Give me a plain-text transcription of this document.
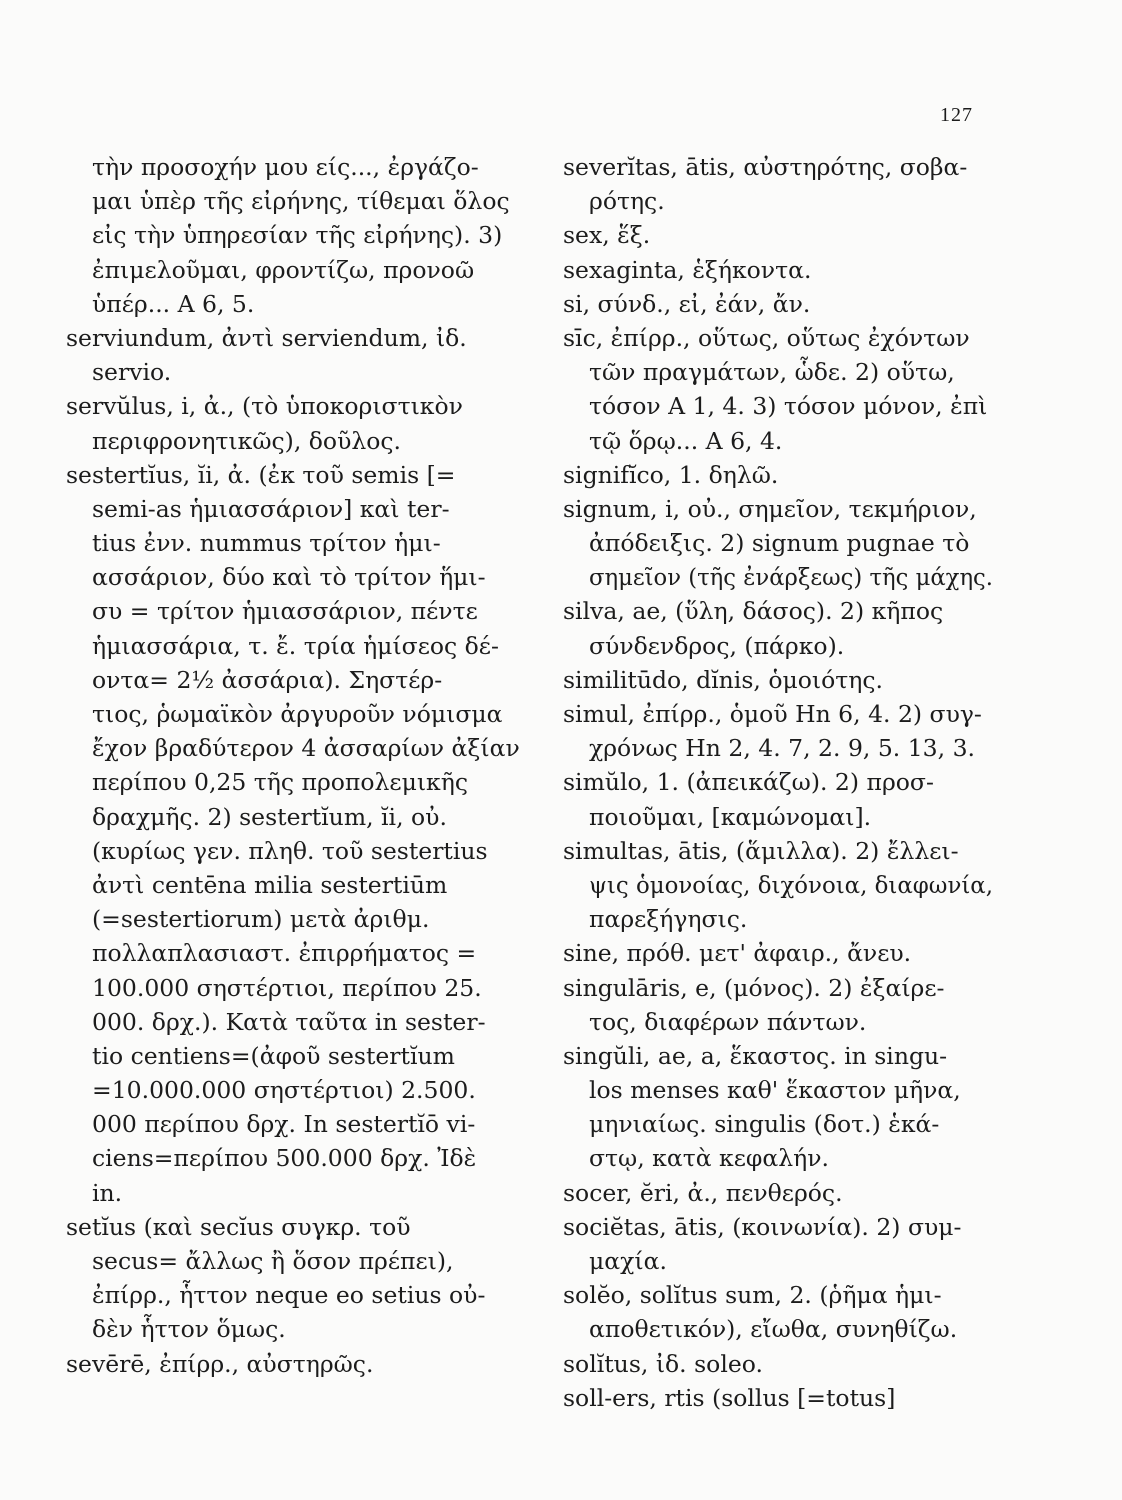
127
τὴν προσοχήν μου είς..., ἐργάζο-
μαι ὑπὲρ τῆς εἰρήνης, τίθεμαι ὅλος
εἰς τὴν ὑπηρεσίαν τῆς εἰρήνης). 3)
ἐπιμελοῦμαι, φροντίζω, προνοῶ
ὑπέρ... A 6, 5.
serviundum, ἀντὶ serviendum, ἰδ.
servio.
servŭlus, i, ἀ., (τὸ ὑποκοριστικὸν
περιφρονητικῶς), δοῦλος.
sestertĭus, ĭi, ἀ. (ἐκ τοῦ semis [=
semi-as ἡμιασσάριον] καὶ ter-
tius ἐνν. nummus τρίτον ἡμι-
ασσάριον, δύο καὶ τὸ τρίτον ἥμι-
συ = τρίτον ἡμιασσάριον, πέντε
ἡμιασσάρια, τ. ἔ. τρία ἡμίσεος δέ-
οντα= 2½ ἀσσάρια). Σηστέρ-
τιος, ῥωμαϊκὸν ἀργυροῦν νόμισμα
ἔχον βραδύτερον 4 ἀσσαρίων ἀξίαν
περίπου 0,25 τῆς προπολεμικῆς
δραχμῆς. 2) sestertĭum, ĭi, οὐ.
(κυρίως γεν. πληθ. τοῦ sestertius
ἀντὶ centēna milia sestertiūm
(=sestertiorum) μετὰ ἀριθμ.
πολλαπλασιαστ. ἐπιρρήματος =
100.000 σηστέρτιοι, περίπου 25.
000. δρχ.). Κατὰ ταῦτα in sester-
tio centiens=(ἀφοῦ sestertĭum
=10.000.000 σηστέρτιοι) 2.500.
000 περίπου δρχ. In sestertĭō vi-
ciens=περίπου 500.000 δρχ. Ἰδὲ
in.
setĭus (καὶ secĭus συγκρ. τοῦ
secus= ἄλλως ἢ ὅσον πρέπει),
ἐπίρρ., ἧττον neque eo setius οὐ-
δὲν ἧττον ὅμως.
sevērē, ἐπίρρ., αὐστηρῶς.
severĭtas, ātis, αὐστηρότης, σοβα-
ρότης.
sex, ἕξ.
sexaginta, ἑξήκοντα.
si, σύνδ., εἰ, ἐάν, ἄν.
sīc, ἐπίρρ., οὕτως, οὕτως ἐχόντων
τῶν πραγμάτων, ὧδε. 2) οὕτω,
τόσον A 1, 4. 3) τόσον μόνον, ἐπὶ
τῷ ὅρῳ... A 6, 4.
signifĭco, 1. δηλῶ.
signum, i, οὐ., σημεῖον, τεκμήριον,
ἀπόδειξις. 2) signum pugnae τὸ
σημεῖον (τῆς ἐνάρξεως) τῆς μάχης.
silva, ae, (ὕλη, δάσος). 2) κῆπος
σύνδενδρος, (πάρκο).
similitūdo, dĭnis, ὁμοιότης.
simul, ἐπίρρ., ὁμοῦ Hn 6, 4. 2) συγ-
χρόνως Hn 2, 4. 7, 2. 9, 5. 13, 3.
simŭlo, 1. (ἀπεικάζω). 2) προσ-
ποιοῦμαι, [καμώνομαι].
simultas, ātis, (ἅμιλλα). 2) ἔλλει-
ψις ὁμονοίας, διχόνοια, διαφωνία,
παρεξήγησις.
sine, πρόθ. μετ' ἀφαιρ., ἄνευ.
singulāris, e, (μόνος). 2) ἐξαίρε-
τος, διαφέρων πάντων.
singŭli, ae, a, ἕκαστος. in singu-
los menses καθ' ἕκαστον μῆνα,
μηνιαίως. singulis (δοτ.) ἑκά-
στῳ, κατὰ κεφαλήν.
socer, ĕri, ἀ., πενθερός.
sociĕtas, ātis, (κοινωνία). 2) συμ-
μαχία.
solĕo, solĭtus sum, 2. (ῥῆμα ἡμι-
αποθετικόν), εἴωθα, συνηθίζω.
solĭtus, ἰδ. soleo.
soll-ers, rtis (sollus [=totus]
